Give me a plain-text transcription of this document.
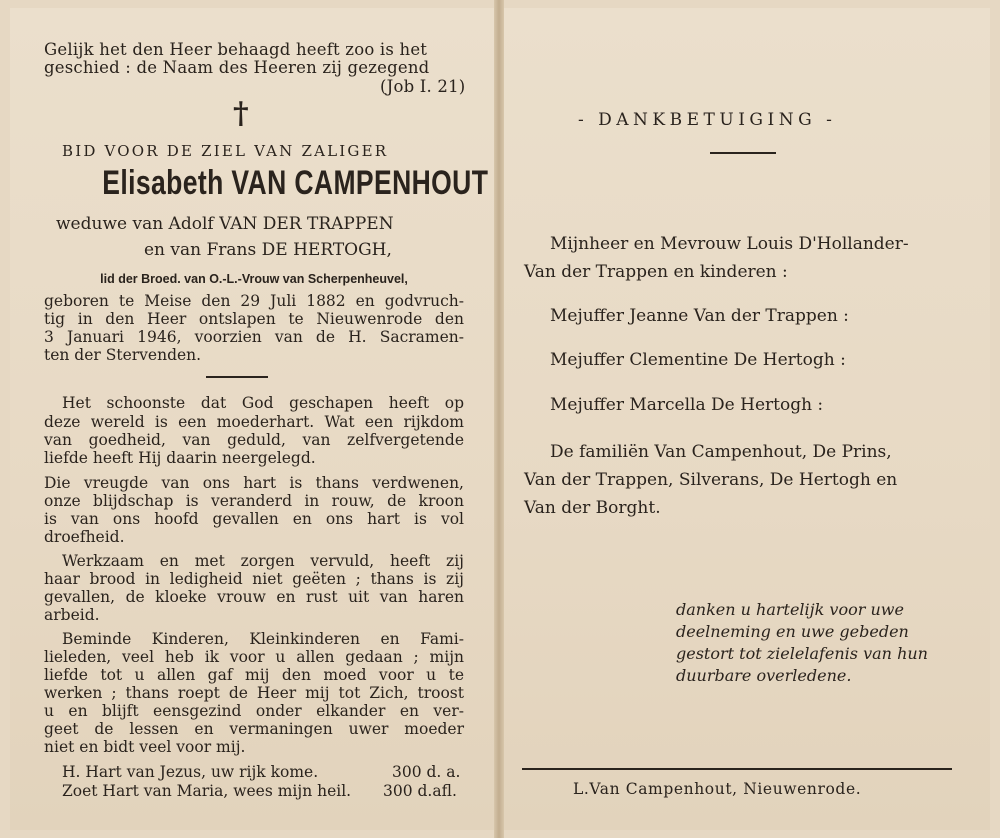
Gelijk het den Heer behaagd heeft zoo is het
geschied : de Naam des Heeren zij gezegend
(Job I. 21)
†
BID VOOR DE ZIEL VAN ZALIGER
Elisabeth VAN CAMPENHOUT
weduwe van Adolf VAN DER TRAPPEN
en van Frans DE HERTOGH,
lid der Broed. van O.-L.-Vrouw van Scherpenheuvel,
geboren te Meise den 29 Juli 1882 en godvruch-
tig in den Heer ontslapen te Nieuwenrode den
3 Januari 1946, voorzien van de H. Sacramen-
ten der Stervenden.
Het schoonste dat God geschapen heeft op
deze wereld is een moederhart. Wat een rijkdom
van goedheid, van geduld, van zelfvergetende
liefde heeft Hij daarin neergelegd.
Die vreugde van ons hart is thans verdwenen,
onze blijdschap is veranderd in rouw, de kroon
is van ons hoofd gevallen en ons hart is vol
droefheid.
Werkzaam en met zorgen vervuld, heeft zij
haar brood in ledigheid niet geëten ; thans is zij
gevallen, de kloeke vrouw en rust uit van haren
arbeid.
Beminde Kinderen, Kleinkinderen en Fami-
lieleden, veel heb ik voor u allen gedaan ; mijn
liefde tot u allen gaf mij den moed voor u te
werken ; thans roept de Heer mij tot Zich, troost
u en blijft eensgezind onder elkander en ver-
geet de lessen en vermaningen uwer moeder
niet en bidt veel voor mij.
H. Hart van Jezus, uw rijk kome.	300 d. a.
Zoet Hart van Maria, wees mijn heil. 300 d.afl.
- DANKBETUIGING -
Mijnheer en Mevrouw Louis D'Hollander-
Van der Trappen en kinderen :
Mejuffer Jeanne Van der Trappen :
Mejuffer Clementine De Hertogh :
Mejuffer Marcella De Hertogh :
De familiën Van Campenhout, De Prins,
Van der Trappen, Silverans, De Hertogh en
Van der Borght.
danken u hartelijk voor uwe
deelneming en uwe gebeden
gestort tot zielelafenis van hun
duurbare overledene.
L.Van Campenhout, Nieuwenrode.
